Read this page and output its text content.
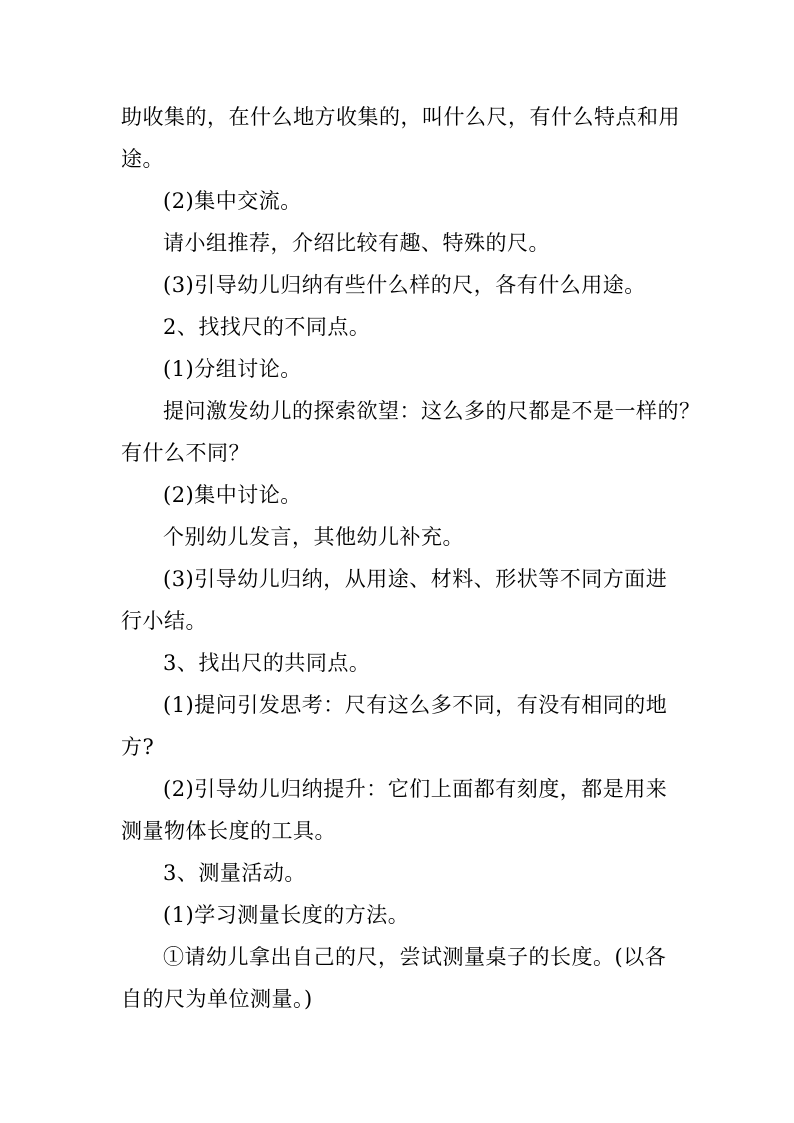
助收集的，在什么地方收集的，叫什么尺，有什么特点和用
途。
(2)集中交流。
请小组推荐，介绍比较有趣、特殊的尺。
(3)引导幼儿归纳有些什么样的尺，各有什么用途。
2、找找尺的不同点。
(1)分组讨论。
提问激发幼儿的探索欲望：这么多的尺都是不是一样的？
有什么不同？
(2)集中讨论。
个别幼儿发言，其他幼儿补充。
(3)引导幼儿归纳，从用途、材料、形状等不同方面进
行小结。
3、找出尺的共同点。
(1)提问引发思考：尺有这么多不同，有没有相同的地
方?
(2)引导幼儿归纳提升：它们上面都有刻度，都是用来
测量物体长度的工具。
3、测量活动。
(1)学习测量长度的方法。
①请幼儿拿出自己的尺，尝试测量桌子的长度。(以各
自的尺为单位测量。)
